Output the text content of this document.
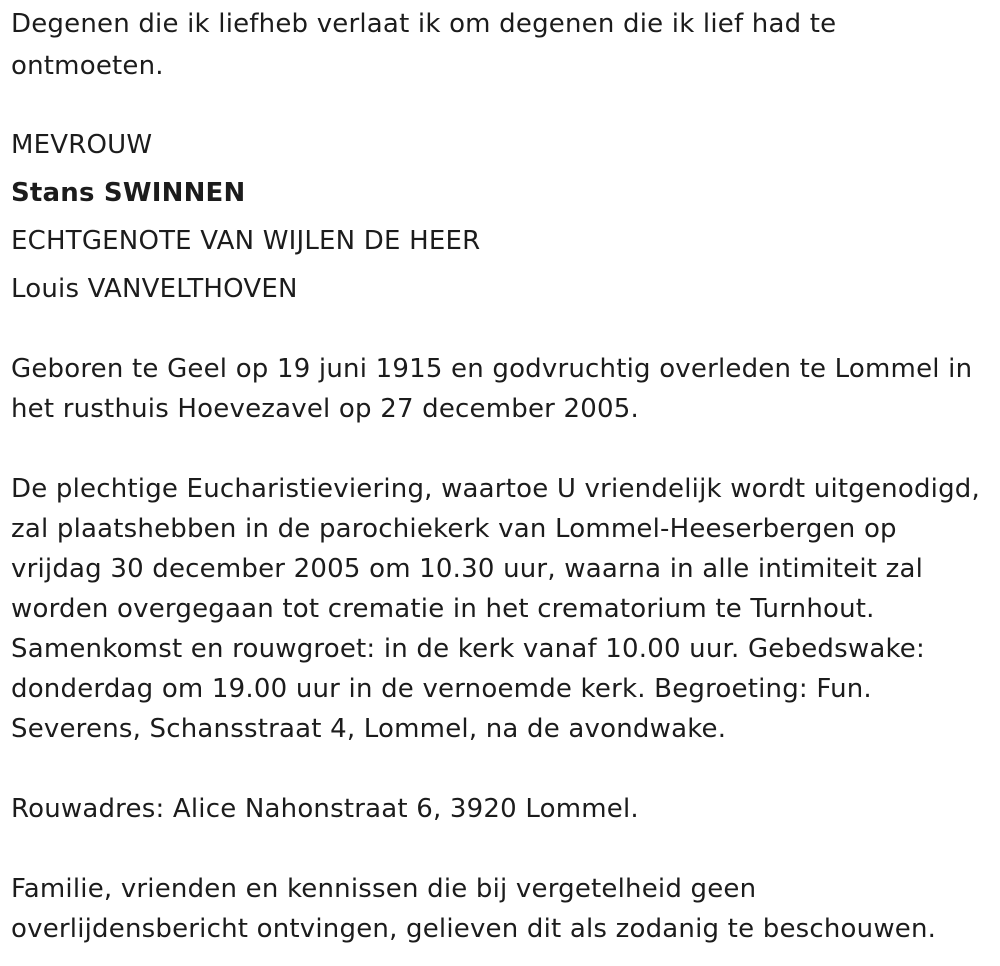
Degenen die ik liefheb verlaat ik om degenen die ik lief had te
ontmoeten.
MEVROUW
Stans SWINNEN
ECHTGENOTE VAN WIJLEN DE HEER
Louis VANVELTHOVEN
Geboren te Geel op 19 juni 1915 en godvruchtig overleden te Lommel in
het rusthuis Hoevezavel op 27 december 2005.
De plechtige Eucharistieviering, waartoe U vriendelijk wordt uitgenodigd,
zal plaatshebben in de parochiekerk van Lommel-Heeserbergen op
vrijdag 30 december 2005 om 10.30 uur, waarna in alle intimiteit zal
worden overgegaan tot crematie in het crematorium te Turnhout.
Samenkomst en rouwgroet: in de kerk vanaf 10.00 uur. Gebedswake:
donderdag om 19.00 uur in de vernoemde kerk. Begroeting: Fun.
Severens, Schansstraat 4, Lommel, na de avondwake.
Rouwadres: Alice Nahonstraat 6, 3920 Lommel.
Familie, vrienden en kennissen die bij vergetelheid geen
overlijdensbericht ontvingen, gelieven dit als zodanig te beschouwen.
